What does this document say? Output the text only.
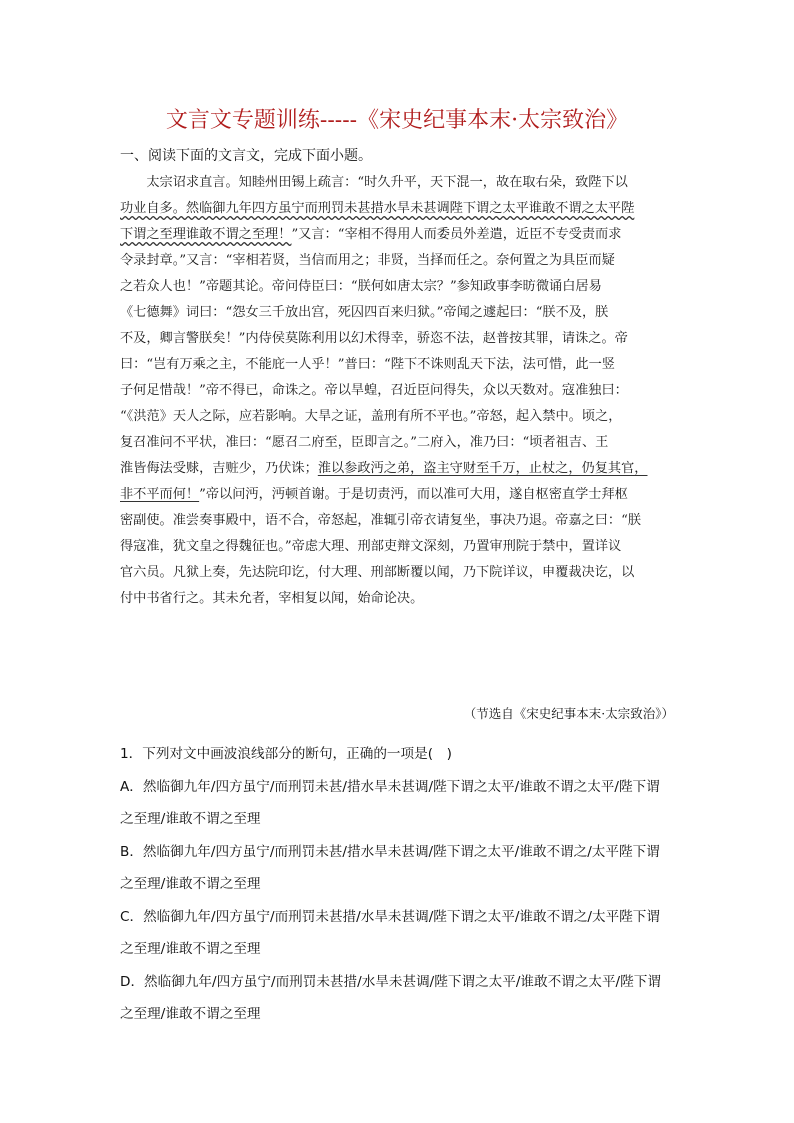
文言文专题训练-----《宋史纪事本末·太宗致治》
一、阅读下面的文言文，完成下面小题。
　　太宗诏求直言。知睦州田锡上疏言：“时久升平，天下混一，故在取右朵，致陛下以
功业自多。然临御九年四方虽宁而刑罚未甚措水旱未甚调陛下谓之太平谁敢不谓之太平陛
下谓之至理谁敢不谓之至理！”又言：“宰相不得用人而委员外差遣，近臣不专受责而求
令录封章。”又言：“宰相若贤，当信而用之；非贤，当择而任之。奈何置之为具臣而疑
之若众人也！”帝题其论。帝问侍臣曰：“朕何如唐太宗？”参知政事李昉微诵白居易
《七德舞》词曰：“怨女三千放出宫，死囚四百来归狱。”帝闻之遽起曰：“朕不及，朕
不及，卿言警朕矣！”内侍侯莫陈利用以幻术得幸，骄恣不法，赵普按其罪，请诛之。帝
曰：“岂有万乘之主，不能庇一人乎！”普曰：“陛下不诛则乱天下法，法可惜，此一竖
子何足惜哉！”帝不得已，命诛之。帝以旱蝗，召近臣问得失，众以天数对。寇准独曰：
“《洪范》天人之际，应若影响。大旱之证，盖刑有所不平也。”帝怒，起入禁中。顷之，
复召准问不平状，准曰：“愿召二府至，臣即言之。”二府入，准乃曰：“顷者祖吉、王
淮皆侮法受赇，吉赃少，乃伏诛；淮以参政沔之弟，盗主守财至千万，止杖之，仍复其官，
非不平而何！”帝以问沔，沔顿首谢。于是切责沔，而以准可大用，遂自枢密直学士拜枢
密副使。准尝奏事殿中，语不合，帝怒起，准辄引帝衣请复坐，事决乃退。帝嘉之曰：“朕
得寇准，犹文皇之得魏征也。”帝虑大理、刑部吏辩文深刻，乃置审刑院于禁中，置详议
官六员。凡狱上奏，先达院印讫，付大理、刑部断覆以闻，乃下院详议，申覆裁决讫，以
付中书省行之。其未允者，宰相复以闻，始命论决。
（节选自《宋史纪事本末·太宗致治》）
1．下列对文中画波浪线部分的断句，正确的一项是(　)
A．然临御九年/四方虽宁/而刑罚未甚/措水旱未甚调/陛下谓之太平/谁敢不谓之太平/陛下谓
之至理/谁敢不谓之至理
B．然临御九年/四方虽宁/而刑罚未甚/措水旱未甚调/陛下谓之太平/谁敢不谓之/太平陛下谓
之至理/谁敢不谓之至理
C．然临御九年/四方虽宁/而刑罚未甚措/水旱未甚调/陛下谓之太平/谁敢不谓之/太平陛下谓
之至理/谁敢不谓之至理
D．然临御九年/四方虽宁/而刑罚未甚措/水旱未甚调/陛下谓之太平/谁敢不谓之太平/陛下谓
之至理/谁敢不谓之至理
